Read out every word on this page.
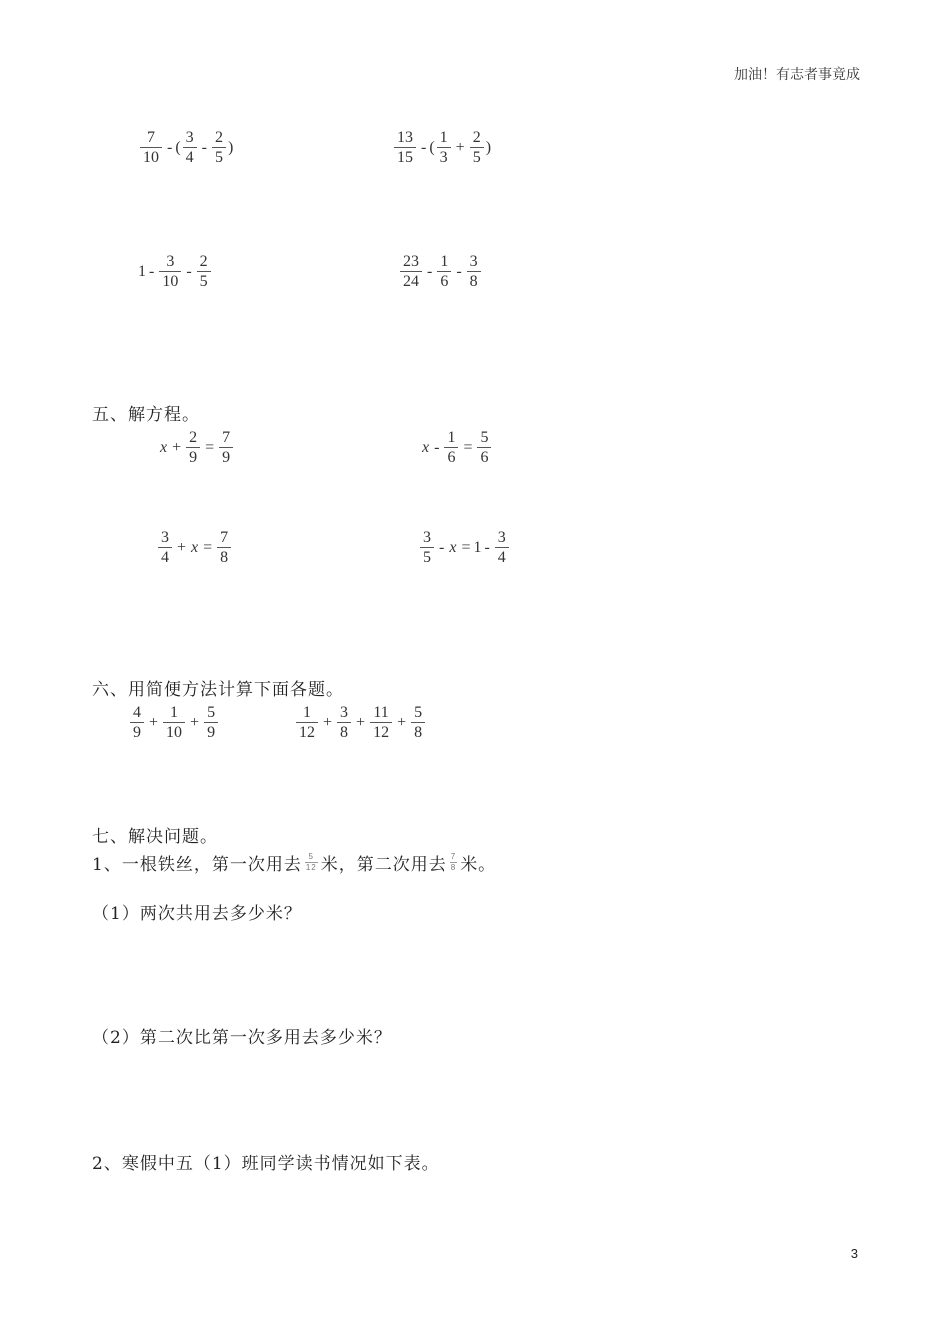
加油！有志者事竟成
$\frac{7}{10}$ - ( $\frac{3}{4} - \frac{2}{5}$ )	$\frac{13}{15}$ - ( $\frac{1}{3} + \frac{2}{5}$ )
$1 - \frac{3}{10} - \frac{2}{5}$	$\frac{23}{24} - \frac{1}{6} - \frac{3}{8}$
五、解方程。
$x + \frac{2}{9} = \frac{7}{9}$	$x - \frac{1}{6} = \frac{5}{6}$
$\frac{3}{4} + x = \frac{7}{8}$	$\frac{3}{5} - x = 1 - \frac{3}{4}$
六、用简便方法计算下面各题。
$\frac{4}{9} + \frac{1}{10} + \frac{5}{9}$	$\frac{1}{12} + \frac{3}{8} + \frac{11}{12} + \frac{5}{8}$
七、解决问题。
1、一根铁丝，第一次用去 5
12 米，第二次用去 7
8 米。
（1）两次共用去多少米？
（2）第二次比第一次多用去多少米？
2、寒假中五（1）班同学读书情况如下表。
3
